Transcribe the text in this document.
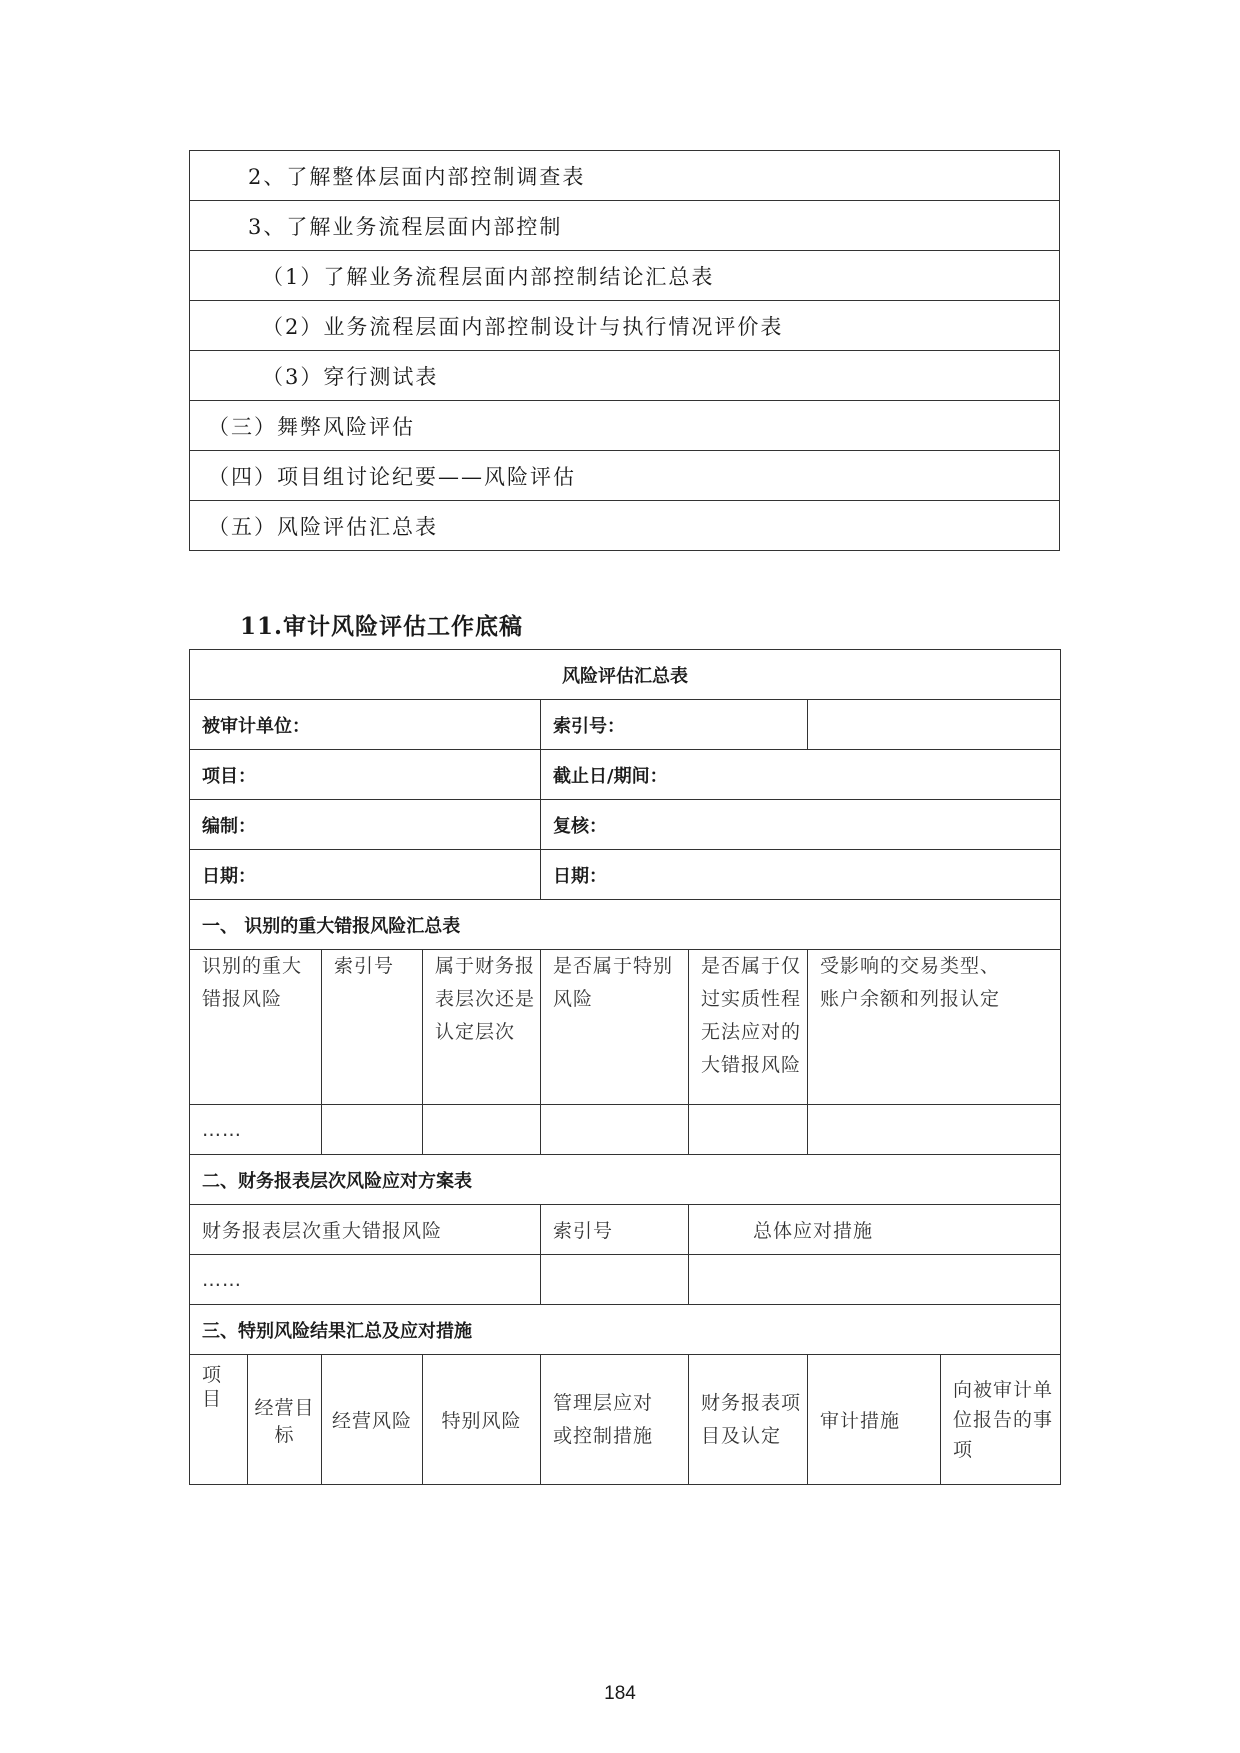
2、了解整体层面内部控制调查表
3、了解业务流程层面内部控制
（1）了解业务流程层面内部控制结论汇总表
（2）业务流程层面内部控制设计与执行情况评价表
（3）穿行测试表
（三）舞弊风险评估
（四）项目组讨论纪要——风险评估
（五）风险评估汇总表
11.审计风险评估工作底稿
风险评估汇总表							
被审计单位：				索引号：			
项目：				截止日/期间：			
编制：				复核：			
日期：				日期：			
一、 识别的重大错报风险汇总表							
识别的重大错报风险		索引号	属于财务报表层次还是认定层次	是否属于特别风险	是否属于仅过实质性程无法应对的大错报风险	受影响的交易类型、账户余额和列报认定	
……							
二、财务报表层次风险应对方案表							
财务报表层次重大错报风险				索引号	总体应对措施		
……							
三、特别风险结果汇总及应对措施							
项目	经营目标	经营风险	特别风险	管理层应对或控制措施	财务报表项目及认定	审计措施	向被审计单位报告的事项
184
